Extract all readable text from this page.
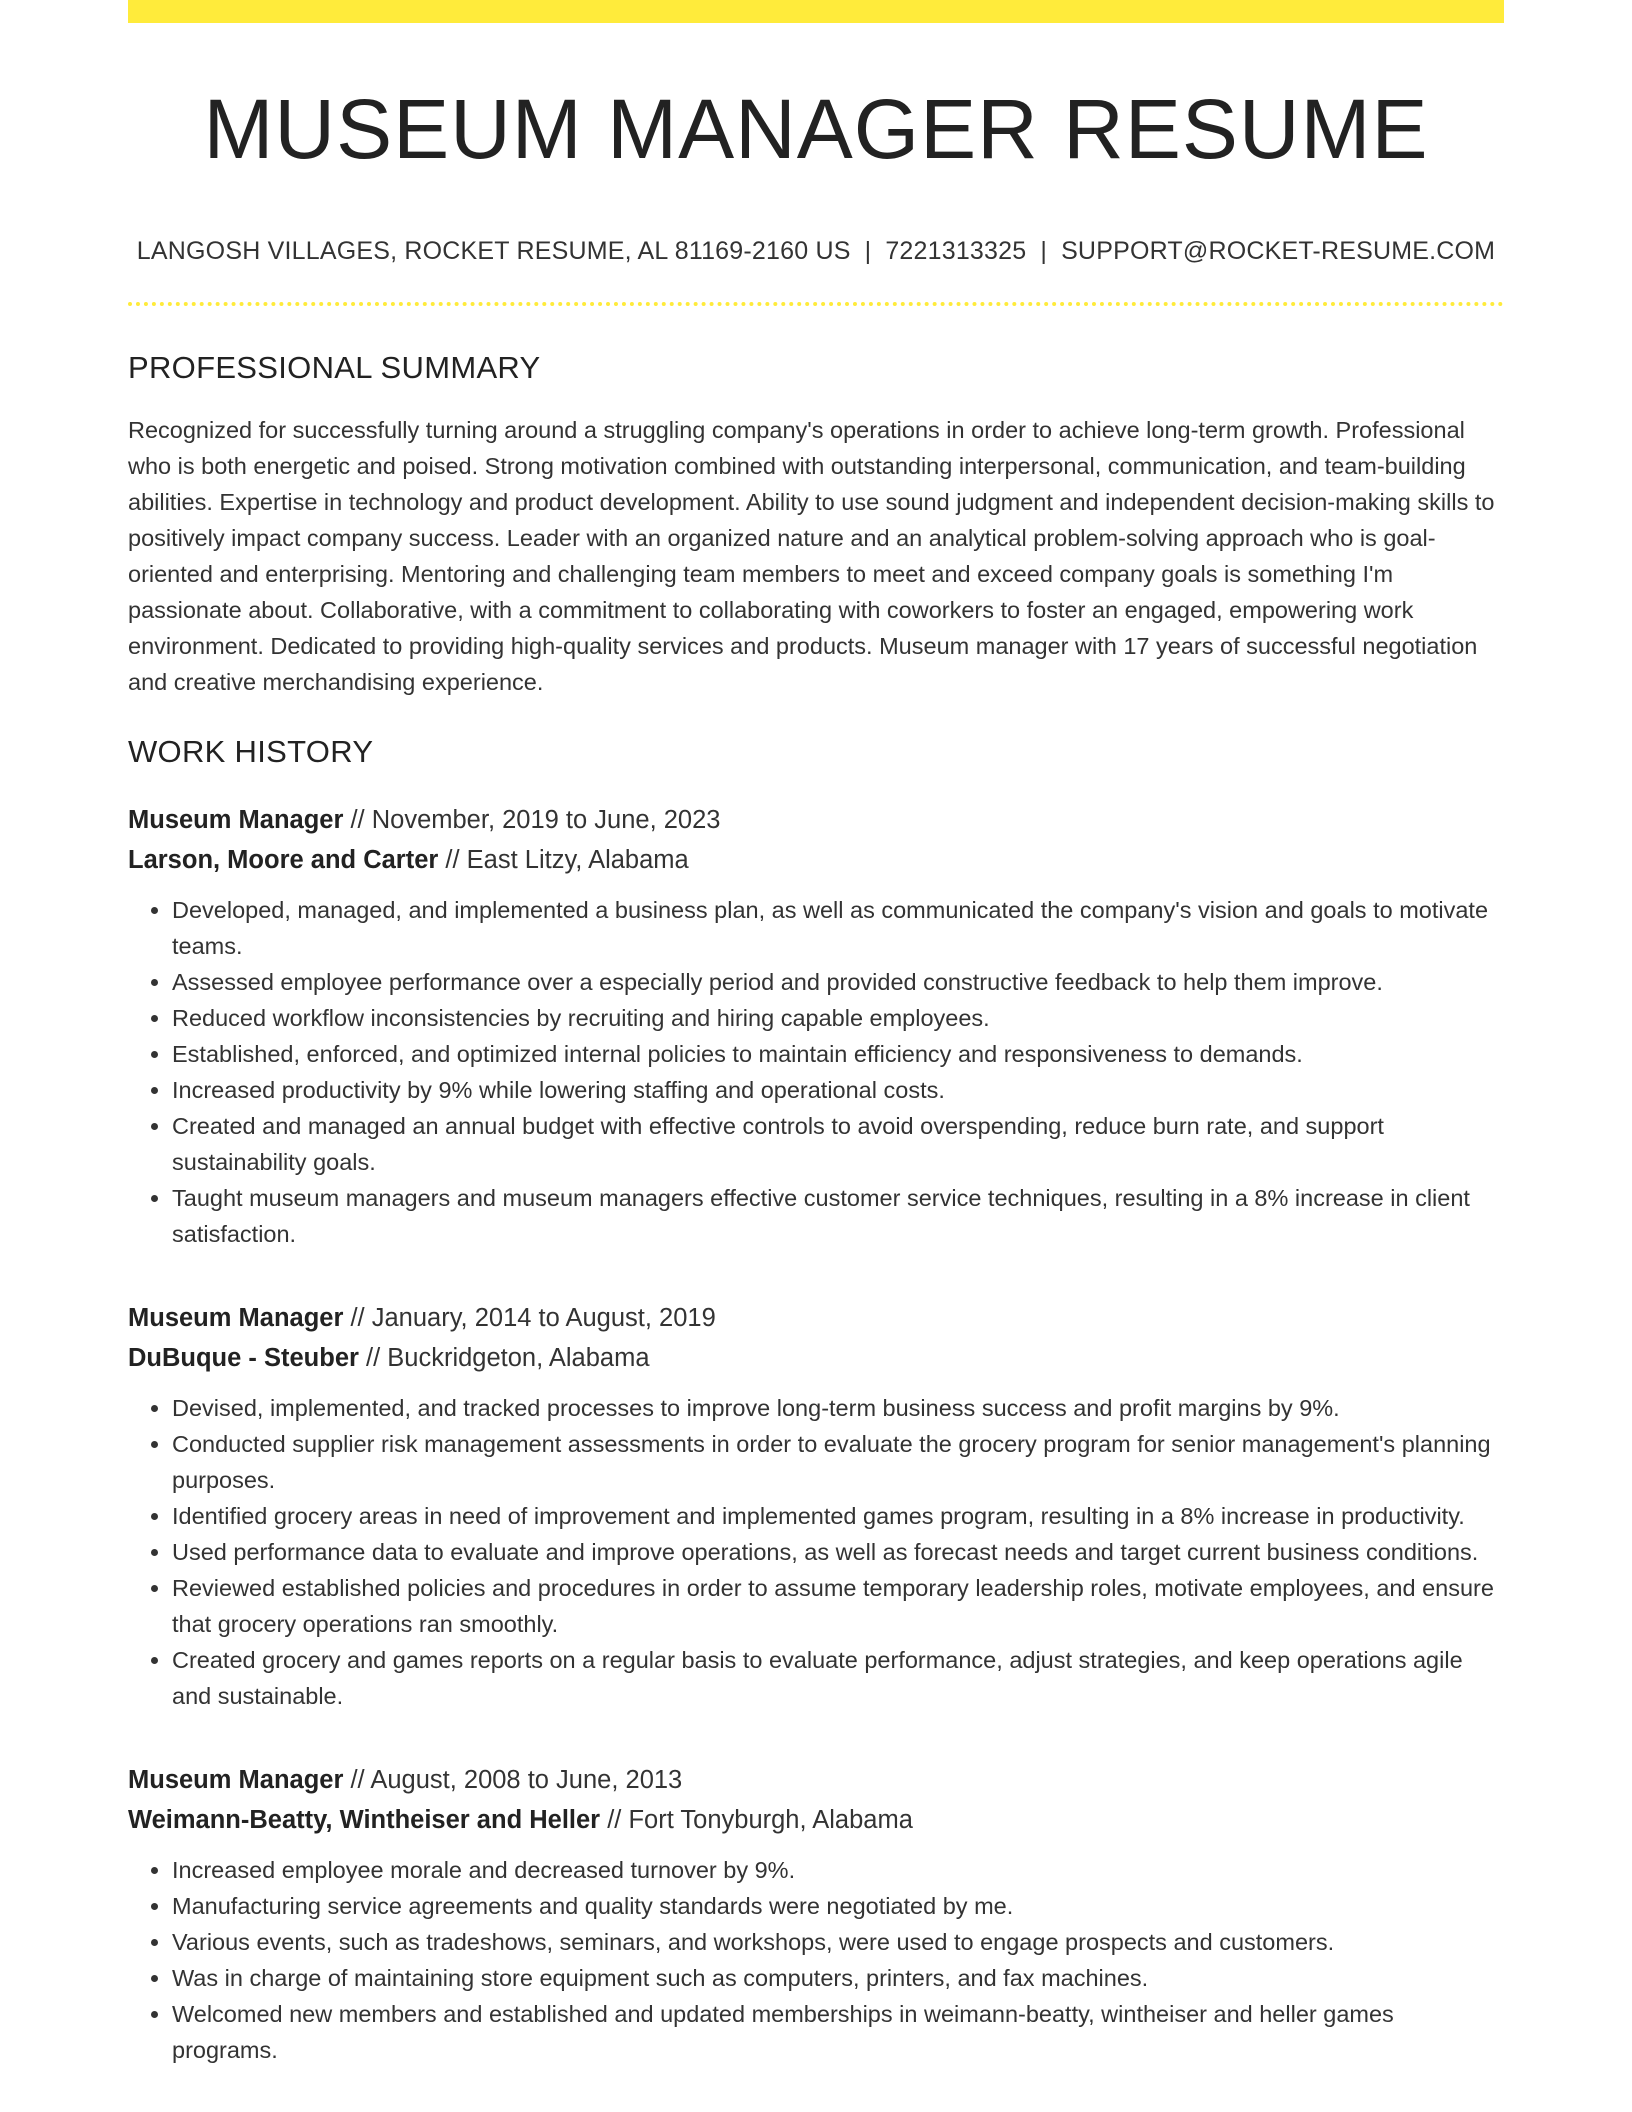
MUSEUM MANAGER RESUME
LANGOSH VILLAGES, ROCKET RESUME, AL 81169-2160 US | 7221313325 | SUPPORT@ROCKET-RESUME.COM
PROFESSIONAL SUMMARY

Recognized for successfully turning around a struggling company's operations in order to achieve long-term growth. Professional who is both energetic and poised. Strong motivation combined with outstanding interpersonal, communication, and team-building abilities. Expertise in technology and product development. Ability to use sound judgment and independent decision-making skills to positively impact company success. Leader with an organized nature and an analytical problem-solving approach who is goal-oriented and enterprising. Mentoring and challenging team members to meet and exceed company goals is something I'm passionate about. Collaborative, with a commitment to collaborating with coworkers to foster an engaged, empowering work environment. Dedicated to providing high-quality services and products. Museum manager with 17 years of successful negotiation and creative merchandising experience.

WORK HISTORY
Museum Manager // November, 2019 to June, 2023
Larson, Moore and Carter // East Litzy, Alabama
• Developed, managed, and implemented a business plan, as well as communicated the company's vision and goals to motivate teams.
• Assessed employee performance over a especially period and provided constructive feedback to help them improve.
• Reduced workflow inconsistencies by recruiting and hiring capable employees.
• Established, enforced, and optimized internal policies to maintain efficiency and responsiveness to demands.
• Increased productivity by 9% while lowering staffing and operational costs.
• Created and managed an annual budget with effective controls to avoid overspending, reduce burn rate, and support sustainability goals.
• Taught museum managers and museum managers effective customer service techniques, resulting in a 8% increase in client satisfaction.
Museum Manager // January, 2014 to August, 2019
DuBuque - Steuber // Buckridgeton, Alabama
• Devised, implemented, and tracked processes to improve long-term business success and profit margins by 9%.
• Conducted supplier risk management assessments in order to evaluate the grocery program for senior management's planning purposes.
• Identified grocery areas in need of improvement and implemented games program, resulting in a 8% increase in productivity.
• Used performance data to evaluate and improve operations, as well as forecast needs and target current business conditions.
• Reviewed established policies and procedures in order to assume temporary leadership roles, motivate employees, and ensure that grocery operations ran smoothly.
• Created grocery and games reports on a regular basis to evaluate performance, adjust strategies, and keep operations agile and sustainable.
Museum Manager // August, 2008 to June, 2013
Weimann-Beatty, Wintheiser and Heller // Fort Tonyburgh, Alabama
• Increased employee morale and decreased turnover by 9%.
• Manufacturing service agreements and quality standards were negotiated by me.
• Various events, such as tradeshows, seminars, and workshops, were used to engage prospects and customers.
• Was in charge of maintaining store equipment such as computers, printers, and fax machines.
• Welcomed new members and established and updated memberships in weimann-beatty, wintheiser and heller games programs.
